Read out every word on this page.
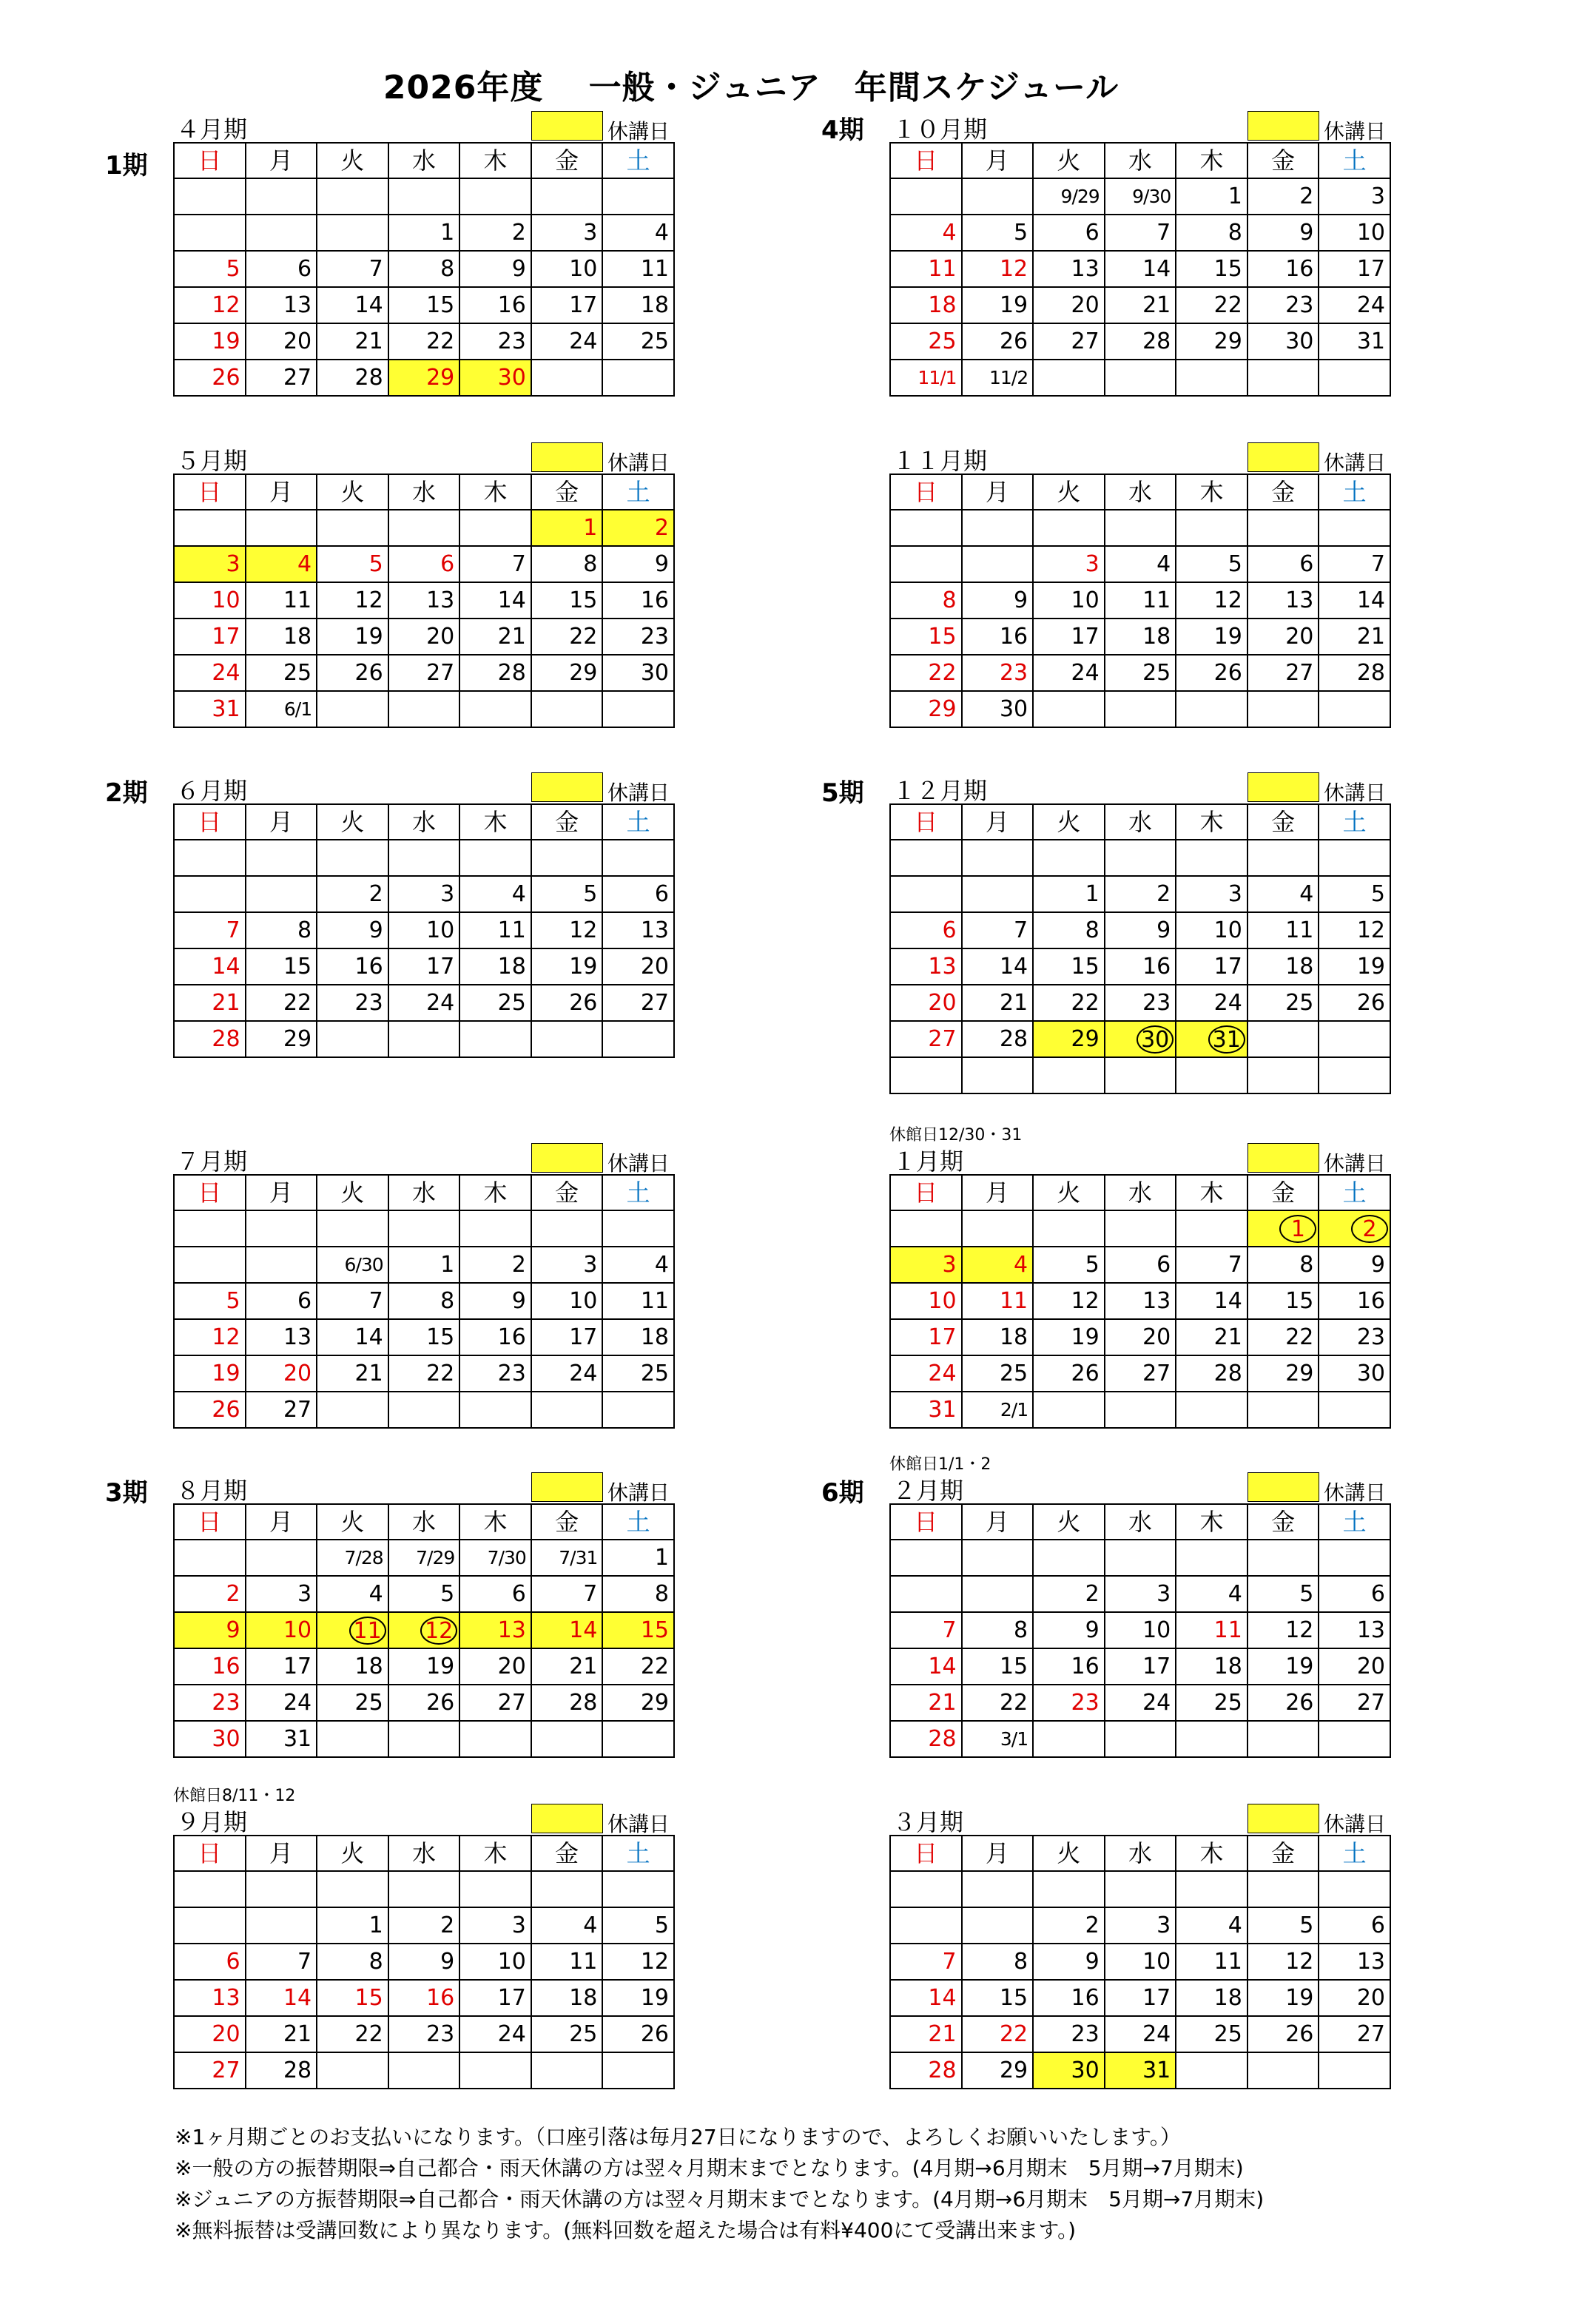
2026年度　 一般・ジュニア　年間スケジュール
1期
2期
3期
4期
5期
6期
４月期	休講日
日	月	火	水	木	金	土

			1	2	3	4
5	6	7	8	9	10	11
12	13	14	15	16	17	18
19	20	21	22	23	24	25
26	27	28	29	30		
５月期	休講日
日	月	火	水	木	金	土
					1	2
3	4	5	6	7	8	9
10	11	12	13	14	15	16
17	18	19	20	21	22	23
24	25	26	27	28	29	30
31	6/1					
６月期	休講日
日	月	火	水	木	金	土

		2	3	4	5	6
7	8	9	10	11	12	13
14	15	16	17	18	19	20
21	22	23	24	25	26	27
28	29					
７月期	休講日
日	月	火	水	木	金	土

		6/30	1	2	3	4
5	6	7	8	9	10	11
12	13	14	15	16	17	18
19	20	21	22	23	24	25
26	27					
８月期	休講日
日	月	火	水	木	金	土
		7/28	7/29	7/30	7/31	1
2	3	4	5	6	7	8
9	10	11	12	13	14	15
16	17	18	19	20	21	22
23	24	25	26	27	28	29
30	31					
休館日8/11・12
９月期	休講日
日	月	火	水	木	金	土

		1	2	3	4	5
6	7	8	9	10	11	12
13	14	15	16	17	18	19
20	21	22	23	24	25	26
27	28					
１０月期	休講日
日	月	火	水	木	金	土
		9/29	9/30	1	2	3
4	5	6	7	8	9	10
11	12	13	14	15	16	17
18	19	20	21	22	23	24
25	26	27	28	29	30	31
11/1	11/2					
１１月期	休講日
日	月	火	水	木	金	土

		3	4	5	6	7
8	9	10	11	12	13	14
15	16	17	18	19	20	21
22	23	24	25	26	27	28
29	30					
１２月期	休講日
日	月	火	水	木	金	土

		1	2	3	4	5
6	7	8	9	10	11	12
13	14	15	16	17	18	19
20	21	22	23	24	25	26
27	28	29	30	31		

休館日12/30・31
１月期	休講日
日	月	火	水	木	金	土
					1	2
3	4	5	6	7	8	9
10	11	12	13	14	15	16
17	18	19	20	21	22	23
24	25	26	27	28	29	30
31	2/1					
休館日1/1・2
２月期	休講日
日	月	火	水	木	金	土

		2	3	4	5	6
7	8	9	10	11	12	13
14	15	16	17	18	19	20
21	22	23	24	25	26	27
28	3/1					
３月期	休講日
日	月	火	水	木	金	土

		2	3	4	5	6
7	8	9	10	11	12	13
14	15	16	17	18	19	20
21	22	23	24	25	26	27
28	29	30	31			
※1ヶ月期ごとのお支払いになります。（口座引落は毎月27日になりますので、よろしくお願いいたします。）
※一般の方の振替期限⇒自己都合・雨天休講の方は翌々月期末までとなります。(4月期→6月期末　5月期→7月期末)
※ジュニアの方振替期限⇒自己都合・雨天休講の方は翌々月期末までとなります。(4月期→6月期末　5月期→7月期末)
※無料振替は受講回数により異なります。(無料回数を超えた場合は有料¥400にて受講出来ます。)
